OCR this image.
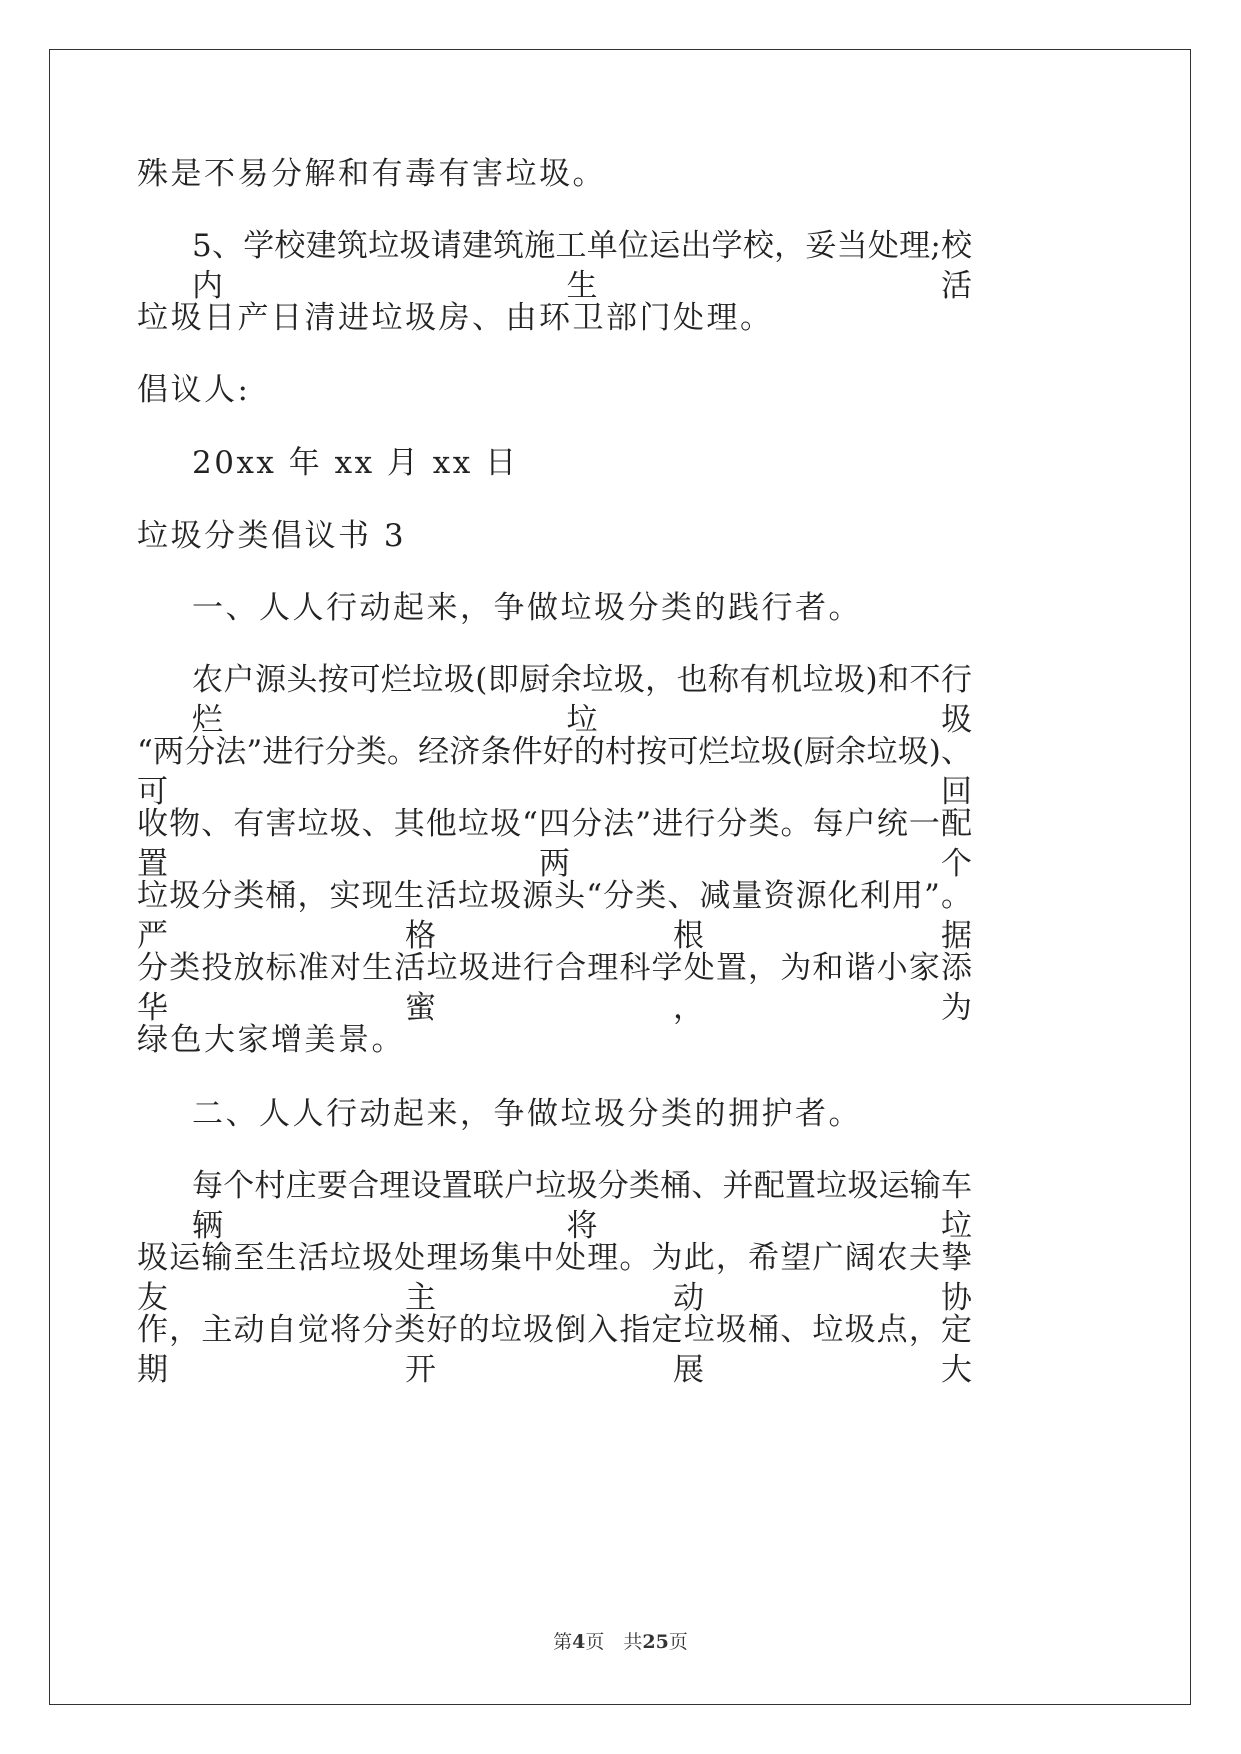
殊是不易分解和有毒有害垃圾。
5、学校建筑垃圾请建筑施工单位运出学校，妥当处理;校内生活
垃圾日产日清进垃圾房、由环卫部门处理。
倡议人:
20xx 年 xx 月 xx 日
垃圾分类倡议书 3
一、人人行动起来，争做垃圾分类的践行者。
农户源头按可烂垃圾(即厨余垃圾，也称有机垃圾)和不行烂垃圾
“两分法”进行分类。经济条件好的村按可烂垃圾(厨余垃圾)、可回
收物、有害垃圾、其他垃圾“四分法”进行分类。每户统一配置两个
垃圾分类桶，实现生活垃圾源头“分类、减量资源化利用”。严格根据
分类投放标准对生活垃圾进行合理科学处置，为和谐小家添华蜜，为
绿色大家增美景。
二、人人行动起来，争做垃圾分类的拥护者。
每个村庄要合理设置联户垃圾分类桶、并配置垃圾运输车辆将垃
圾运输至生活垃圾处理场集中处理。为此，希望广阔农夫挚友主动协
作，主动自觉将分类好的垃圾倒入指定垃圾桶、垃圾点，定期开展大
第4页　共25页
